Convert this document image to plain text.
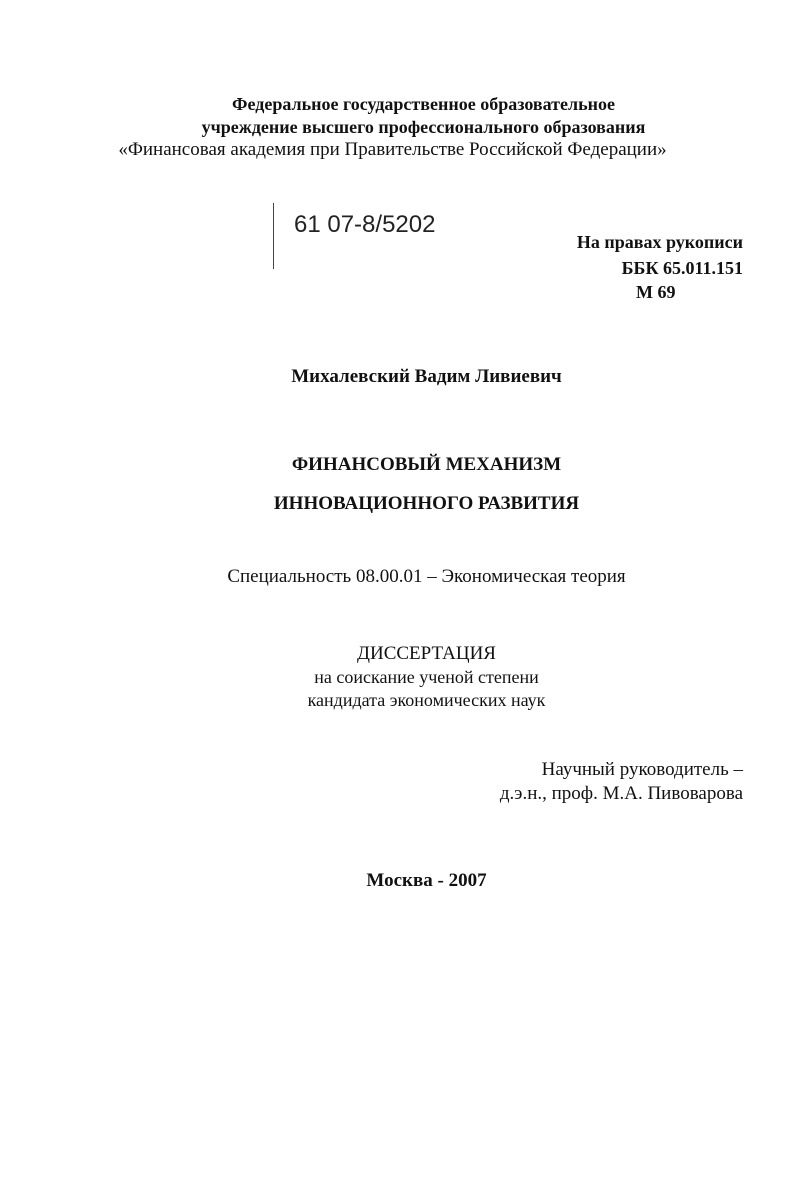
Федеральное государственное образовательное
учреждение высшего профессионального образования
«Финансовая академия при Правительстве Российской Федерации»
61 07-8/5202
На правах рукописи
ББК 65.011.151
М 69
Михалевский Вадим Ливиевич
ФИНАНСОВЫЙ МЕХАНИЗМ
ИННОВАЦИОННОГО РАЗВИТИЯ
Специальность 08.00.01 – Экономическая теория
ДИССЕРТАЦИЯ
на соискание ученой степени
кандидата экономических наук
Научный руководитель –
д.э.н., проф. М.А. Пивоварова
Москва - 2007
